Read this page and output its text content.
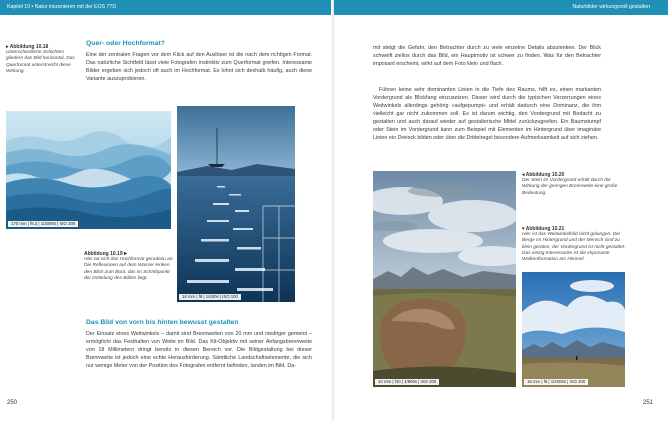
Kapitel 10 • Natur inszenieren mit der EOS 77D
▸ Abbildung 10.18
Unterschiedliche Schichten gliedern das Bild horizontal. Das Querformat unterstreicht diese Wirkung.
Quer- oder Hochformat?
Eine der zentralen Fragen vor dem Klick auf den Auslöser ist die nach dem richtigen Format. Das natürliche Sichtfeld lässt viele Fotografen instinktiv zum Querformat greifen. Interessante Bilder ergeben sich jedoch oft auch im Hochformat. Es lohnt sich deshalb häufig, auch diese Variante auszuprobieren.
170 mm | f6,3 | 1/2000s | ISO 200
18 mm | f8 | 1/400s | ISO 100
Abbildung 10.19 ▸
Hier tut sich das Hochformat geradezu an. Die Reflexionen auf dem Wasser lenken den Blick zum Boot, das im Schnittpunkt der Drittelung des Bildes liegt.
Das Bild von vorn bis hinten bewusst gestalten
Der Einsatz eines Weitwinkels – damit sind Brennweiten von 20 mm und niedriger gemeint – ermöglicht das Festhalten von Weite im Bild. Das Kit-Objektiv mit seiner Anfangsbrennweite von 18 Millimetern dringt bereits in diesen Bereich vor. Die Bildgestaltung bei dieser Brennweite ist jedoch eine echte Herausforderung. Sämtliche Landschaftselemente, die sich nur wenige Meter von der Position des Fotografen entfernt befinden, landen im Bild. Da-
250
Naturbilder wirkungsvoll gestalten
mit steigt die Gefahr, den Betrachter durch zu viele einzelne Details abzulenken. Der Blick schweift ziellos durch das Bild, ein Hauptmotiv ist schwer zu finden. Was für den Betrachter imposant erscheint, wirkt auf dem Foto klein und flach.
Führen keine sehr dominanten Linien in die Tiefe des Raums, hilft es, einen markanten Vordergrund als Blickfang einzusetzen. Dieser wird durch die typischen Verzerrungen eines Weitwinkels allerdings gehörig »aufgepumpt« und erhält dadurch eine Dominanz, die ihm vielleicht gar nicht zukommen soll. Es ist darum wichtig, den Vordergrund mit Bedacht zu gestalten und auch darauf wieder auf gestalterische Mittel zurückzugreifen. Ein Baumstumpf oder Stein im Vordergrund kann zum Beispiel mit Elementen im Hintergrund über imaginäre Linien ein Dreieck bilden oder über die Drittelregel besondere Aufmerksamkeit auf sich ziehen.
10 mm | f10 | 1/800s | ISO 200
◂ Abbildung 10.20
Der Stein im Vordergrund erhält durch die Wirkung der geringen Brennweite eine große Bedeutung.
▾ Abbildung 10.21
Hier ist das Weitwinkelbild nicht gelungen. Die Berge im Hintergrund und der Mensch sind zu klein geraten, der Vordergrund ist nicht gestaltet. Das einzig Interessante ist die imposante Wolkenformation am Himmel.
18 mm | f8 | 1/2000s | ISO 200
251
